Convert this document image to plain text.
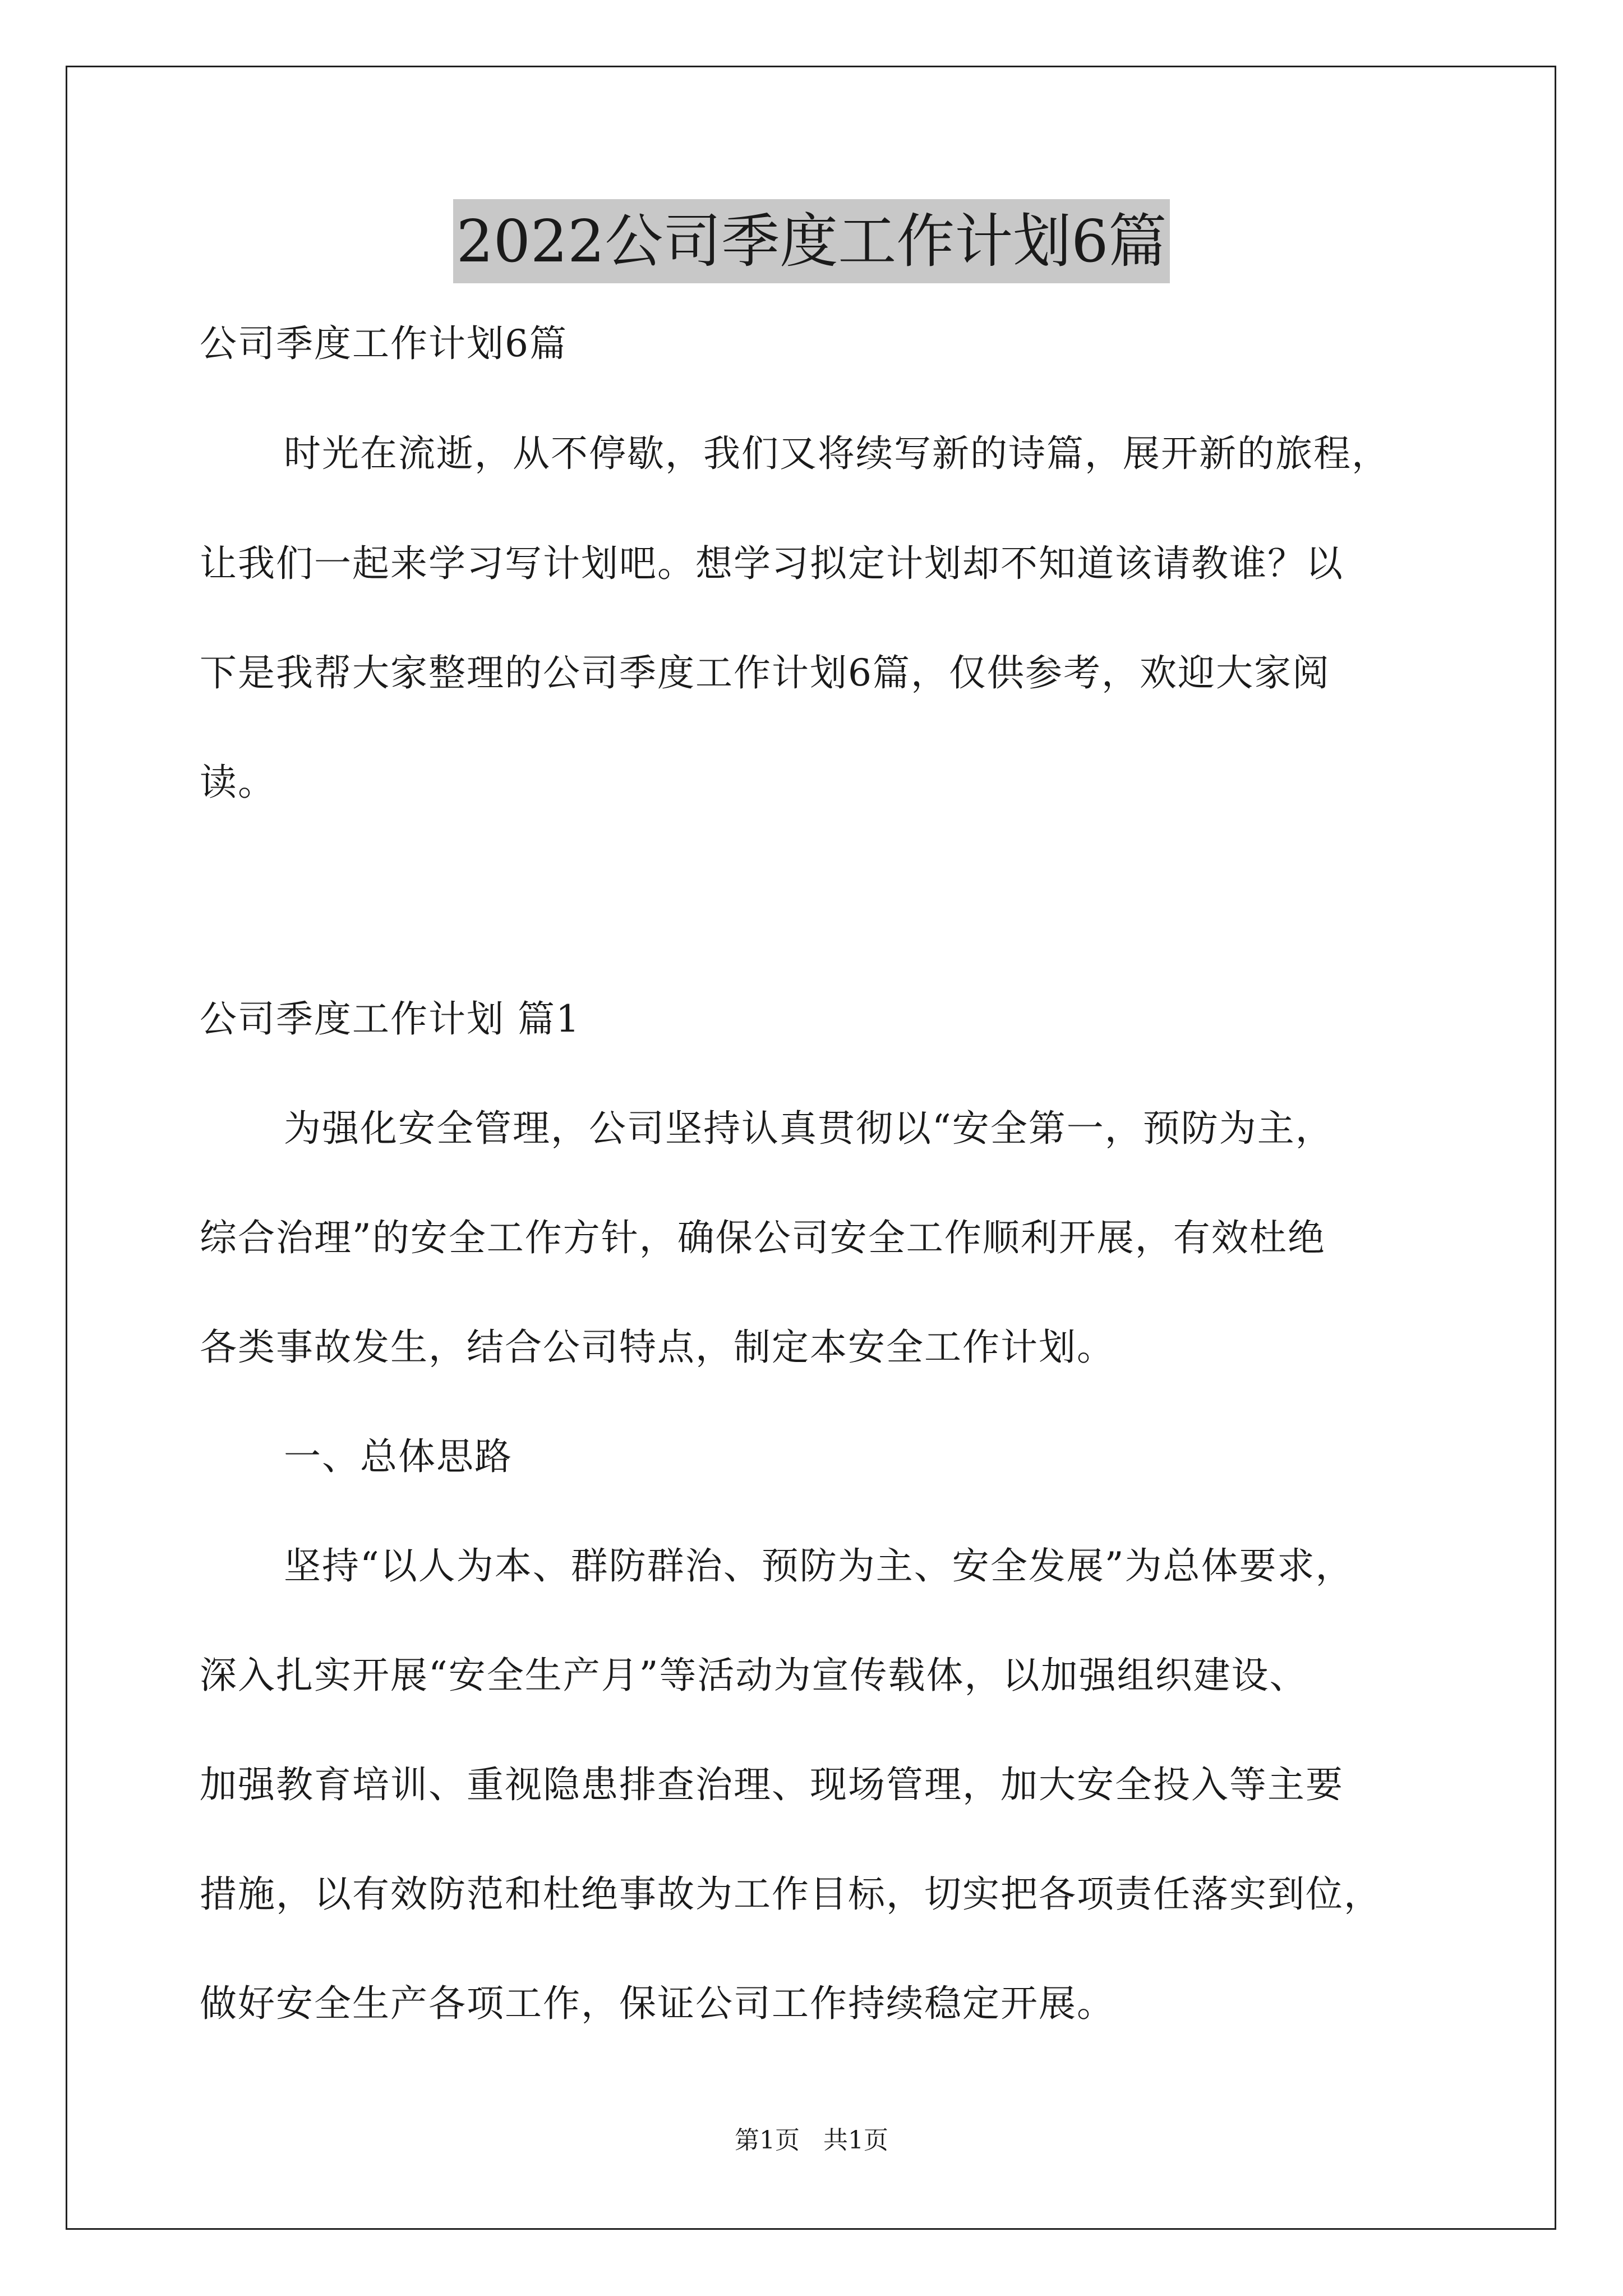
2022公司季度工作计划6篇
公司季度工作计划6篇
时光在流逝，从不停歇，我们又将续写新的诗篇，展开新的旅程，
让我们一起来学习写计划吧。想学习拟定计划却不知道该请教谁？以
下是我帮大家整理的公司季度工作计划6篇，仅供参考，欢迎大家阅
读。
公司季度工作计划 篇1
为强化安全管理，公司坚持认真贯彻以“安全第一，预防为主，
综合治理”的安全工作方针，确保公司安全工作顺利开展，有效杜绝
各类事故发生，结合公司特点，制定本安全工作计划。
一、总体思路
坚持“以人为本、群防群治、预防为主、安全发展”为总体要求，
深入扎实开展“安全生产月”等活动为宣传载体，以加强组织建设、
加强教育培训、重视隐患排查治理、现场管理，加大安全投入等主要
措施，以有效防范和杜绝事故为工作目标，切实把各项责任落实到位，
做好安全生产各项工作，保证公司工作持续稳定开展。
第1页   共1页
